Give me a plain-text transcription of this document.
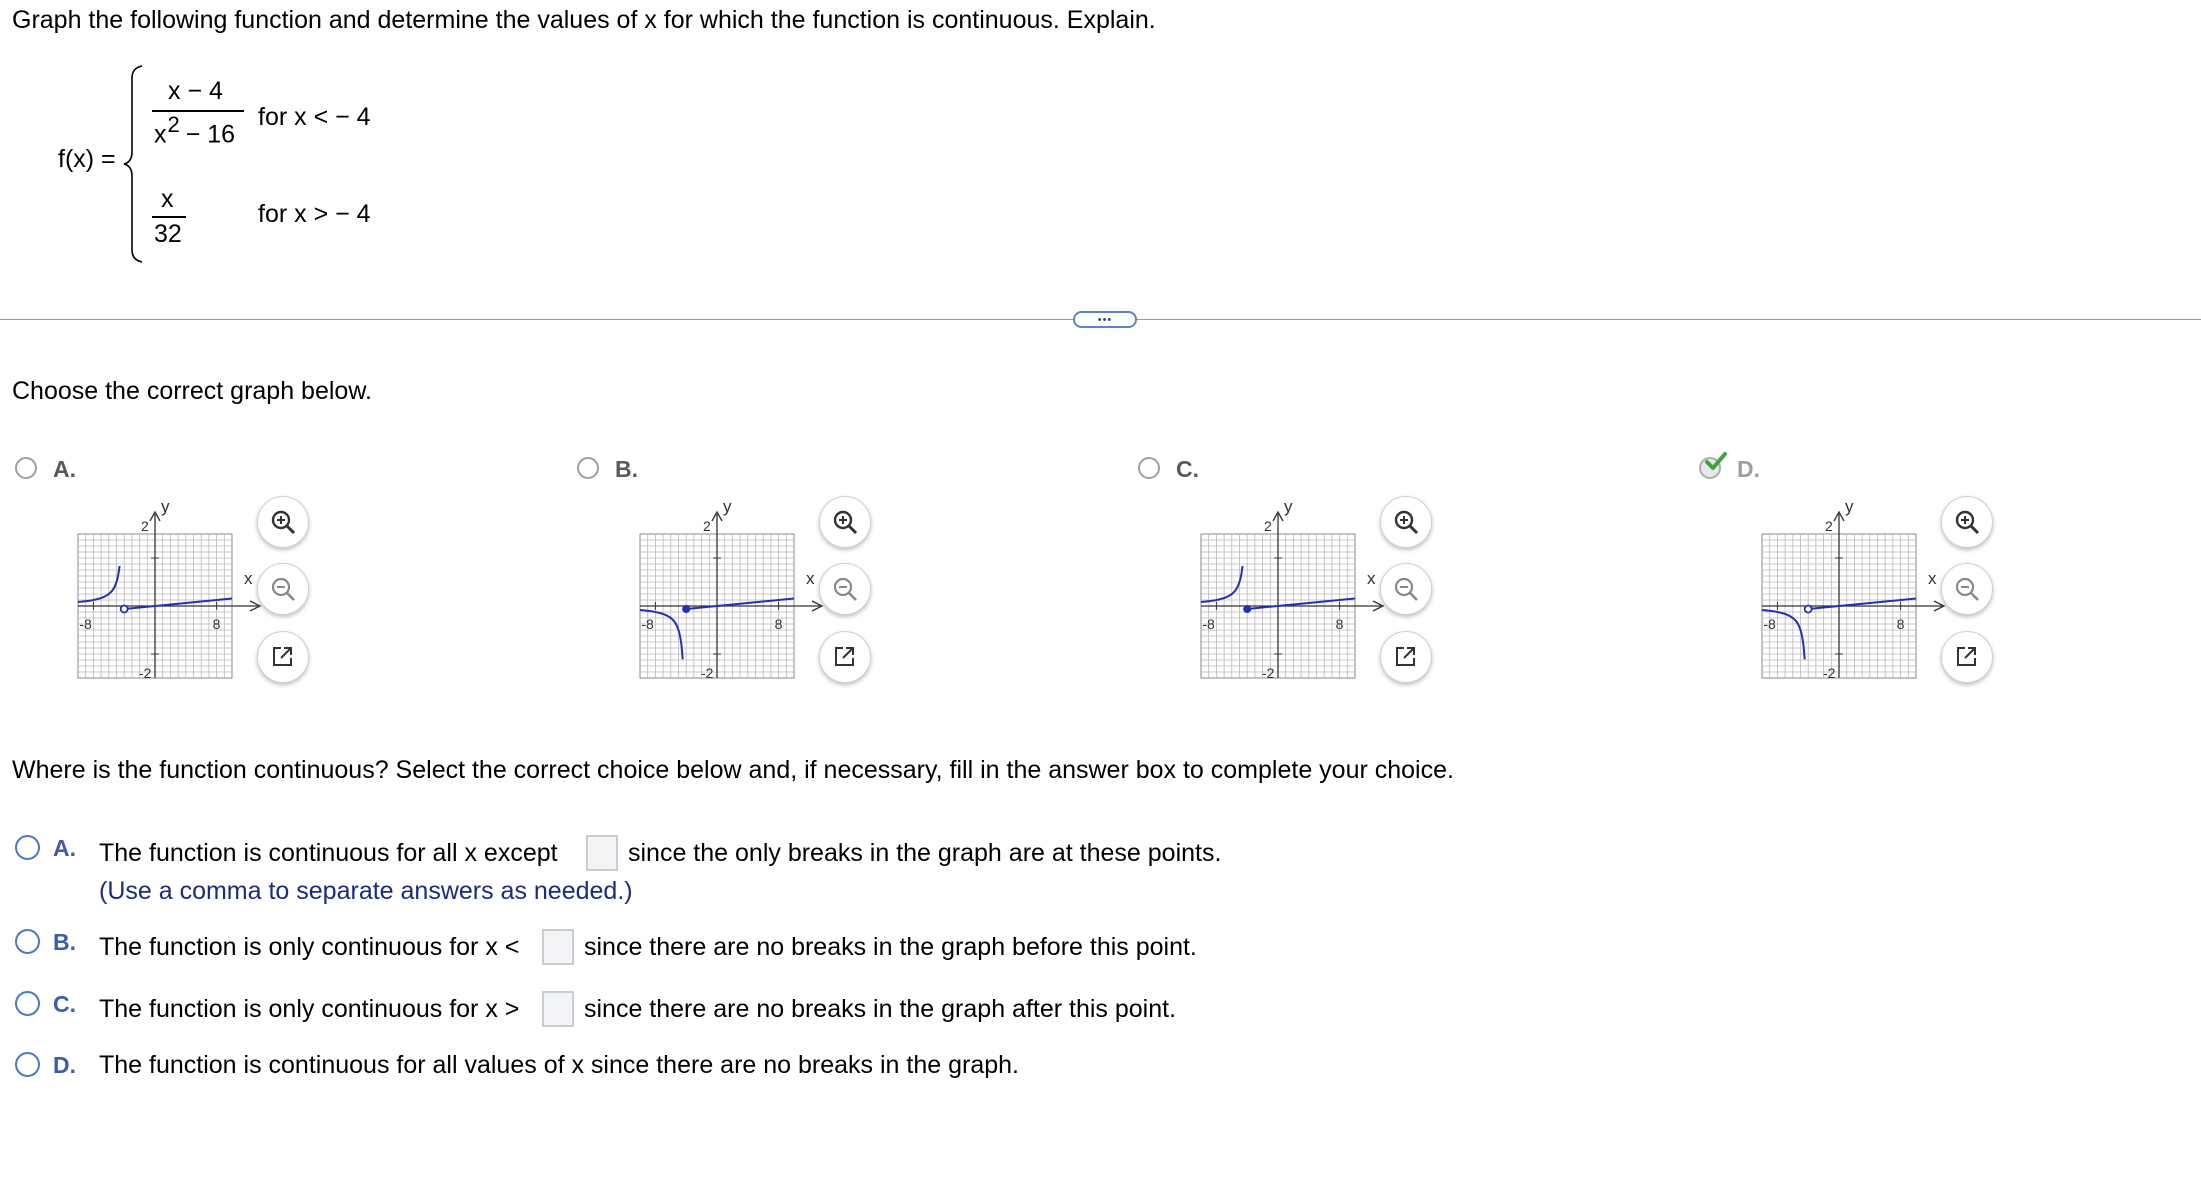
Graph the following function and determine the values of x for which the function is continuous. Explain.
f(x) =
x − 4
$x^2 - 16$
for x < − 4
x
32
for x > − 4
•••
Choose the correct graph below.
A.
y
x
2
-2
-8	8
B.
y
x
2
-2
-8	8
C.
y
x
2
-2
-8	8
D.
y
x
2
-2
-8	8
Where is the function continuous? Select the correct choice below and, if necessary, fill in the answer box to complete your choice.
A. The function is continuous for all x except	since the only breaks in the graph are at these points.
(Use a comma to separate answers as needed.)
B. The function is only continuous for x <	since there are no breaks in the graph before this point.
C. The function is only continuous for x >	since there are no breaks in the graph after this point.
D. The function is continuous for all values of x since there are no breaks in the graph.
